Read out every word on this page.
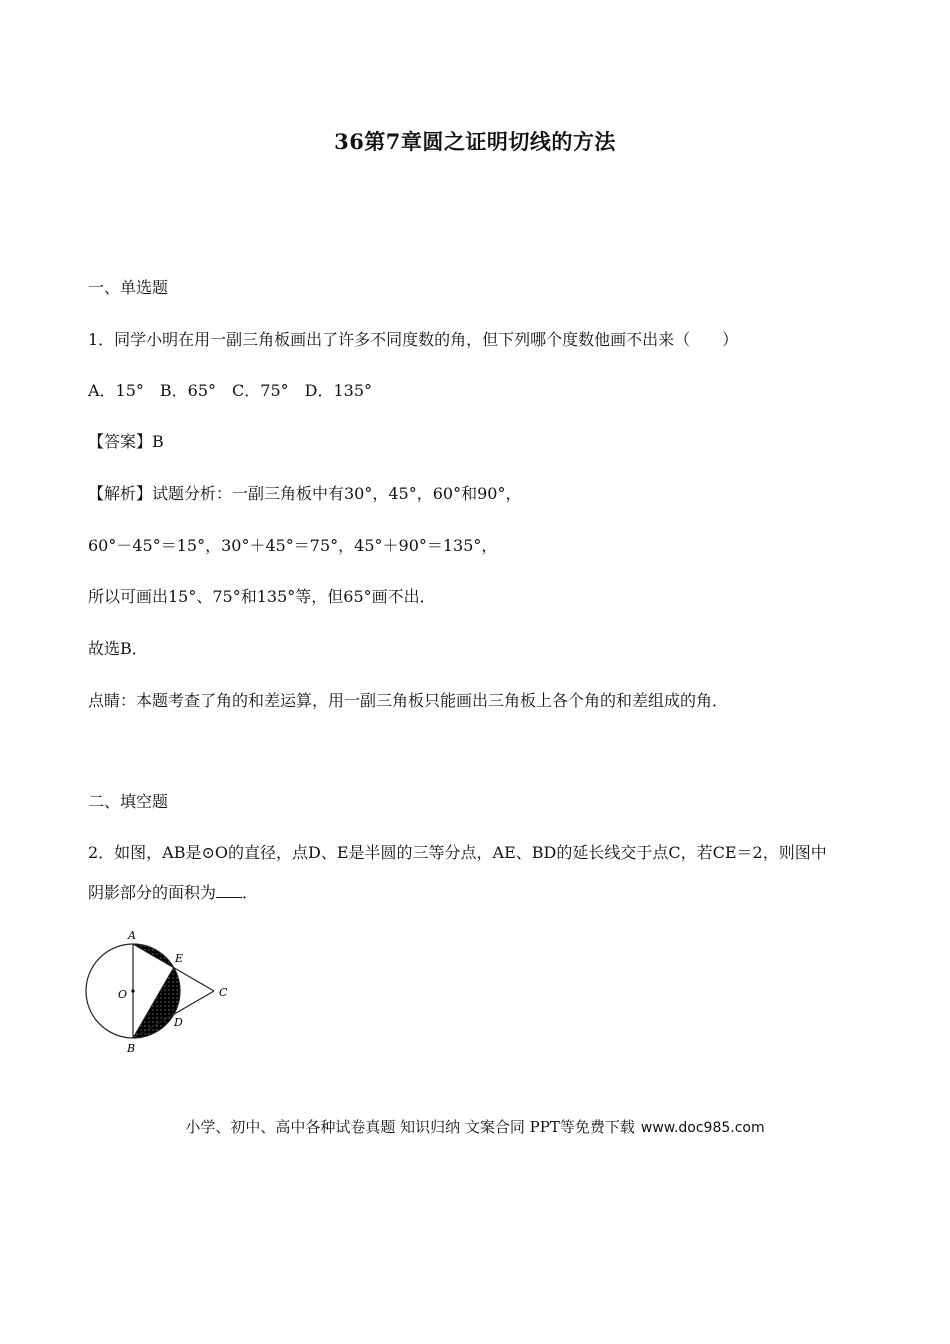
36第7章圆之证明切线的方法
一、单选题
1．同学小明在用一副三角板画出了许多不同度数的角，但下列哪个度数他画不出来（　　）
A．15°　B．65°　C．75°　D．135°
【答案】B
【解析】试题分析：一副三角板中有30°，45°，60°和90°，
60°－45°＝15°，30°＋45°＝75°，45°＋90°＝135°，
所以可画出15°、75°和135°等，但65°画不出．
故选B．
点睛：本题考查了角的和差运算，用一副三角板只能画出三角板上各个角的和差组成的角．
二、填空题
2．如图，AB是⊙O的直径，点D、E是半圆的三等分点，AE、BD的延长线交于点C，若CE＝2，则图中
阴影部分的面积为 ．
A
E
O	C
D
B
小学、初中、高中各种试卷真题 知识归纳 文案合同 PPT等免费下载 www.doc985.com
